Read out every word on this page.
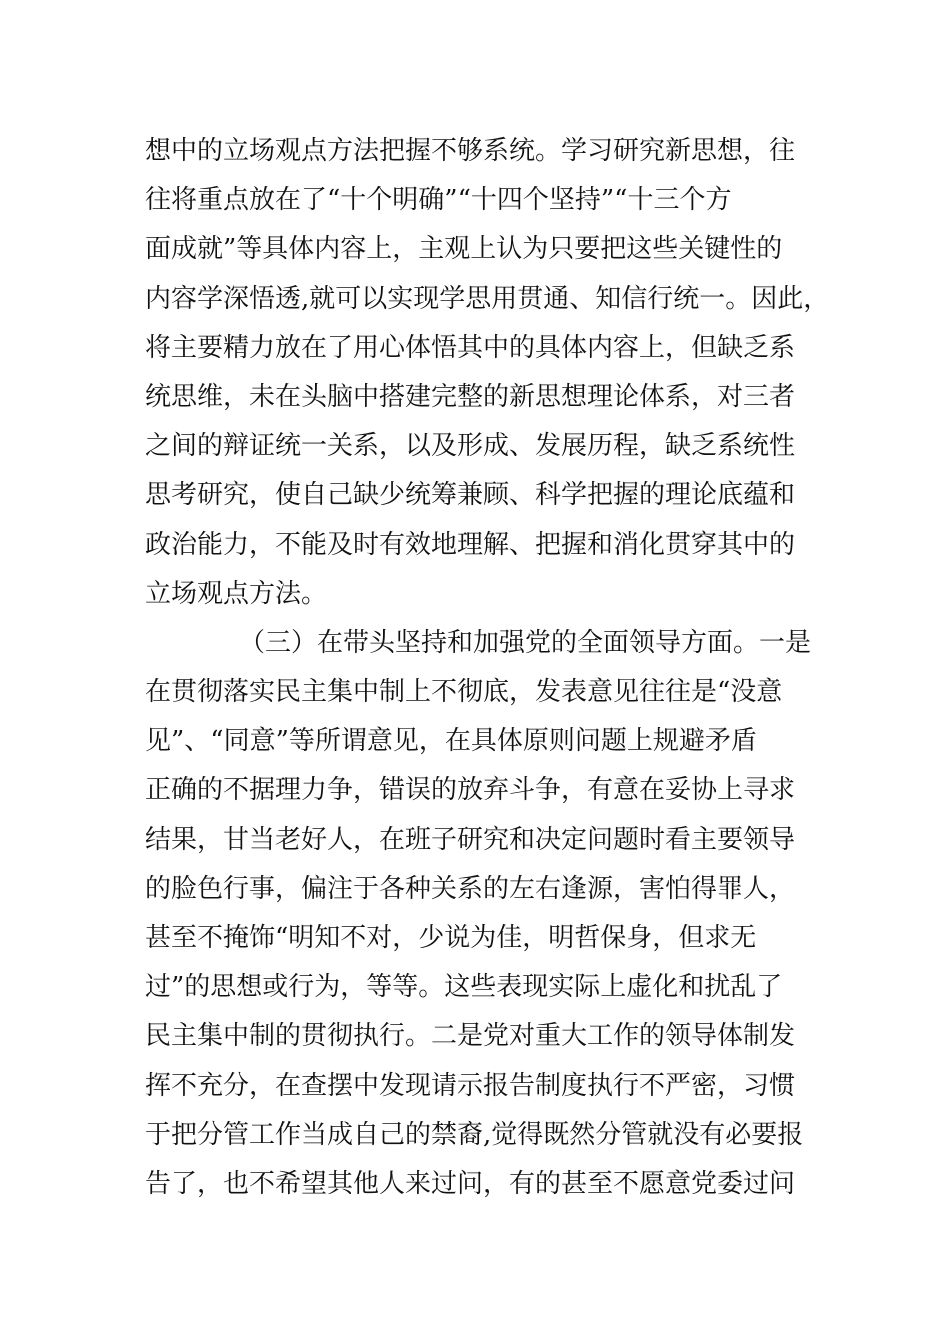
想中的立场观点方法把握不够系统。学习研究新思想，往
往将重点放在了“十个明确”“十四个坚持”“十三个方
面成就”等具体内容上，主观上认为只要把这些关键性的
内容学深悟透,就可以实现学思用贯通、知信行统一。因此，
将主要精力放在了用心体悟其中的具体内容上，但缺乏系
统思维，未在头脑中搭建完整的新思想理论体系，对三者
之间的辩证统一关系，以及形成、发展历程，缺乏系统性
思考研究，使自己缺少统筹兼顾、科学把握的理论底蕴和
政治能力，不能及时有效地理解、把握和消化贯穿其中的
立场观点方法。
（三）在带头坚持和加强党的全面领导方面。一是
在贯彻落实民主集中制上不彻底，发表意见往往是“没意
见”、“同意”等所谓意见，在具体原则问题上规避矛盾
正确的不据理力争，错误的放弃斗争，有意在妥协上寻求
结果，甘当老好人，在班子研究和决定问题时看主要领导
的脸色行事，偏注于各种关系的左右逢源，害怕得罪人，
甚至不掩饰“明知不对，少说为佳，明哲保身，但求无
过”的思想或行为，等等。这些表现实际上虚化和扰乱了
民主集中制的贯彻执行。二是党对重大工作的领导体制发
挥不充分，在查摆中发现请示报告制度执行不严密，习惯
于把分管工作当成自己的禁裔,觉得既然分管就没有必要报
告了，也不希望其他人来过问，有的甚至不愿意党委过问
